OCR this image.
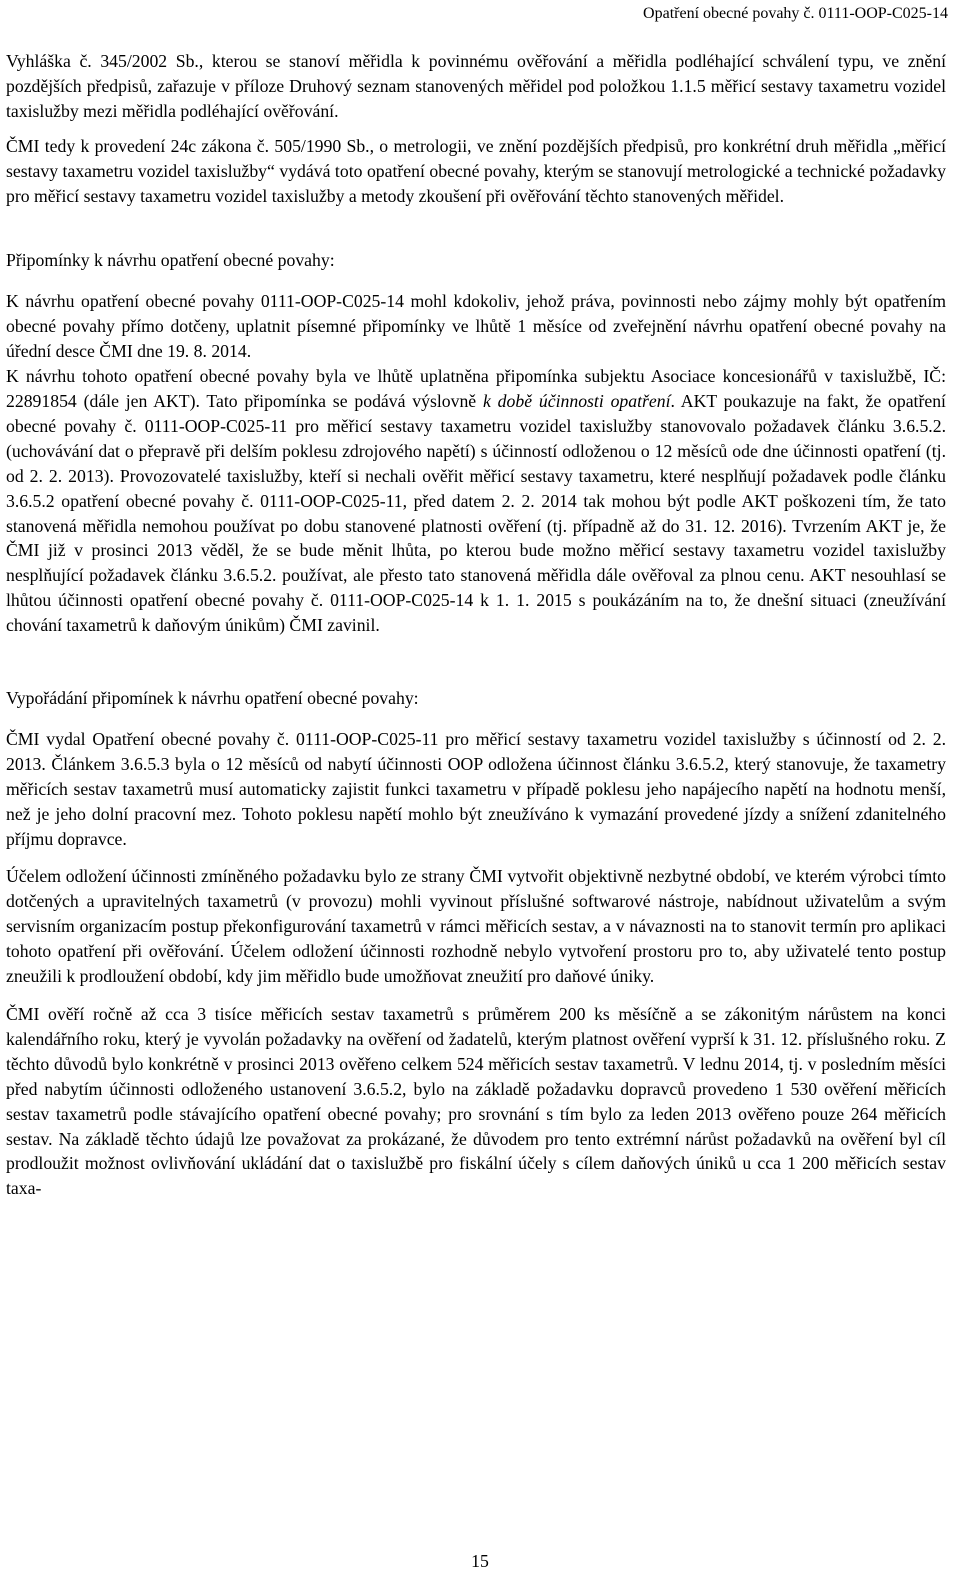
Opatření obecné povahy č. 0111-OOP-C025-14

Vyhláška č. 345/2002 Sb., kterou se stanoví měřidla k povinnému ověřování a měřidla podléhající schválení typu, ve znění pozdějších předpisů, zařazuje v příloze Druhový seznam stanovených měřidel pod položkou 1.1.5 měřicí sestavy taxametru vozidel taxislužby mezi měřidla podléhající ověřování.

ČMI tedy k provedení 24c zákona č. 505/1990 Sb., o metrologii, ve znění pozdějších předpisů, pro konkrétní druh měřidla „měřicí sestavy taxametru vozidel taxislužby“ vydává toto opatření obecné povahy, kterým se stanovují metrologické a technické požadavky pro měřicí sestavy taxametru vozidel taxislužby a metody zkoušení při ověřování těchto stanovených měřidel.

Připomínky k návrhu opatření obecné povahy:

K návrhu opatření obecné povahy 0111-OOP-C025-14 mohl kdokoliv, jehož práva, povinnosti nebo zájmy mohly být opatřením obecné povahy přímo dotčeny, uplatnit písemné připomínky ve lhůtě 1 měsíce od zveřejnění návrhu opatření obecné povahy na úřední desce ČMI dne 19. 8. 2014.

K návrhu tohoto opatření obecné povahy byla ve lhůtě uplatněna připomínka subjektu Asociace koncesionářů v taxislužbě, IČ: 22891854 (dále jen AKT). Tato připomínka se podává výslovně k době účinnosti opatření. AKT poukazuje na fakt, že opatření obecné povahy č. 0111-OOP-C025-11 pro měřicí sestavy taxametru vozidel taxislužby stanovovalo požadavek článku 3.6.5.2. (uchovávání dat o přepravě při delším poklesu zdrojového napětí) s účinností odloženou o 12 měsíců ode dne účinnosti opatření (tj. od 2. 2. 2013). Provozovatelé taxislužby, kteří si nechali ověřit měřicí sestavy taxametru, které nesplňují požadavek podle článku 3.6.5.2 opatření obecné povahy č. 0111-OOP-C025-11, před datem 2. 2. 2014 tak mohou být podle AKT poškozeni tím, že tato stanovená měřidla nemohou používat po dobu stanovené platnosti ověření (tj. případně až do 31. 12. 2016). Tvrzením AKT je, že ČMI již v prosinci 2013 věděl, že se bude měnit lhůta, po kterou bude možno měřicí sestavy taxametru vozidel taxislužby nesplňující požadavek článku 3.6.5.2. používat, ale přesto tato stanovená měřidla dále ověřoval za plnou cenu. AKT nesouhlasí se lhůtou účinnosti opatření obecné povahy č. 0111-OOP-C025-14 k 1. 1. 2015 s poukázáním na to, že dnešní situaci (zneužívání chování taxametrů k daňovým únikům) ČMI zavinil.

Vypořádání připomínek k návrhu opatření obecné povahy:

ČMI vydal Opatření obecné povahy č. 0111-OOP-C025-11 pro měřicí sestavy taxametru vozidel taxislužby s účinností od 2. 2. 2013. Článkem 3.6.5.3 byla o 12 měsíců od nabytí účinnosti OOP odložena účinnost článku 3.6.5.2, který stanovuje, že taxametry měřicích sestav taxametrů musí automaticky zajistit funkci taxametru v případě poklesu jeho napájecího napětí na hodnotu menší, než je jeho dolní pracovní mez. Tohoto poklesu napětí mohlo být zneužíváno k vymazání provedené jízdy a snížení zdanitelného příjmu dopravce.

Účelem odložení účinnosti zmíněného požadavku bylo ze strany ČMI vytvořit objektivně nezbytné období, ve kterém výrobci tímto dotčených a upravitelných taxametrů (v provozu) mohli vyvinout příslušné softwarové nástroje, nabídnout uživatelům a svým servisním organizacím postup překonfigurování taxametrů v rámci měřicích sestav, a v návaznosti na to stanovit termín pro aplikaci tohoto opatření při ověřování. Účelem odložení účinnosti rozhodně nebylo vytvoření prostoru pro to, aby uživatelé tento postup zneužili k prodloužení období, kdy jim měřidlo bude umožňovat zneužití pro daňové úniky.

ČMI ověří ročně až cca 3 tisíce měřicích sestav taxametrů s průměrem 200 ks měsíčně a se zákonitým nárůstem na konci kalendářního roku, který je vyvolán požadavky na ověření od žadatelů, kterým platnost ověření vyprší k 31. 12. příslušného roku. Z těchto důvodů bylo konkrétně v prosinci 2013 ověřeno celkem 524 měřicích sestav taxametrů. V lednu 2014, tj. v posledním měsíci před nabytím účinnosti odloženého ustanovení 3.6.5.2, bylo na základě požadavku dopravců provedeno 1 530 ověření měřicích sestav taxametrů podle stávajícího opatření obecné povahy; pro srovnání s tím bylo za leden 2013 ověřeno pouze 264 měřicích sestav. Na základě těchto údajů lze považovat za prokázané, že důvodem pro tento extrémní nárůst požadavků na ověření byl cíl prodloužit možnost ovlivňování ukládání dat o taxislužbě pro fiskální účely s cílem daňových úniků u cca 1 200 měřicích sestav taxa-

15
